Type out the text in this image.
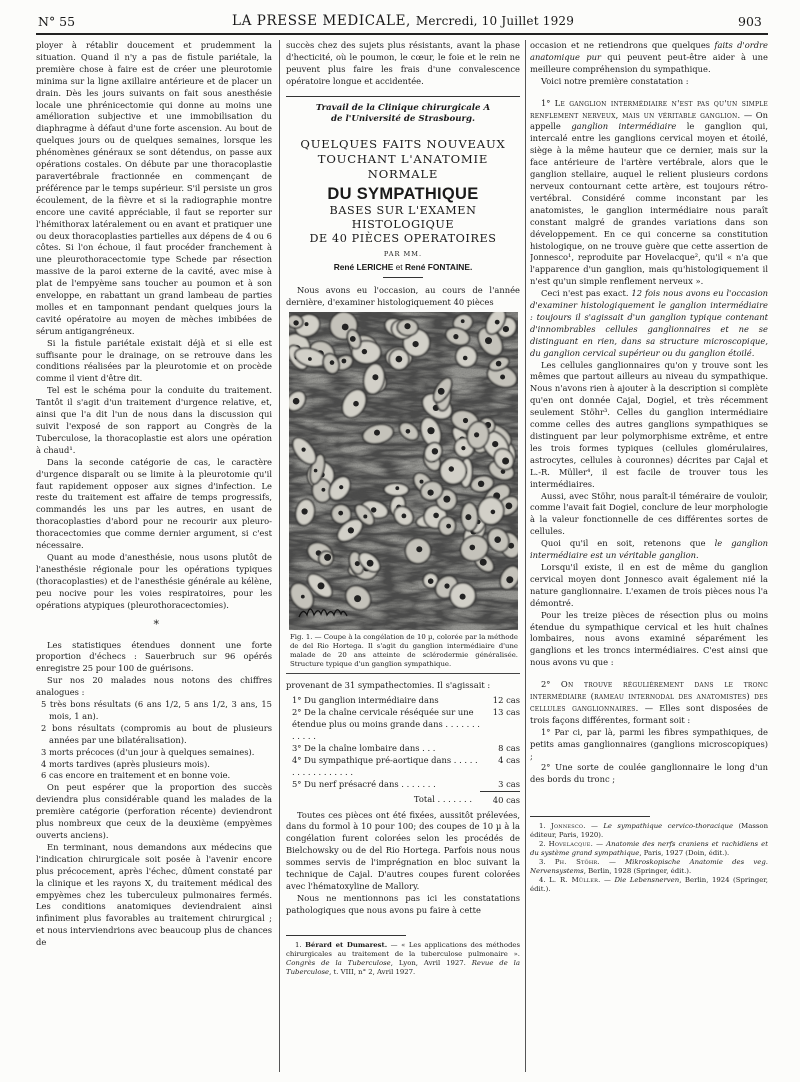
N° 55	LA PRESSE MEDICALE, Mercredi, 10 Juillet 1929	903

ployer à rétablir doucement et prudemment la situation. Quand il n'y a pas de fistule pariétale, la première chose à faire est de créer une pleurotomie minima sur la ligne axillaire antérieure et de placer un drain. Dès les jours suivants on fait sous anesthésie locale une phrénicectomie qui donne au moins une amélioration subjective et une immobilisation du diaphragme à défaut d'une forte ascension. Au bout de quelques jours ou de quelques semaines, lorsque les phénomènes généraux se sont détendus, on passe aux opérations costales. On débute par une thoracoplastie paravertébrale fractionnée en commençant de préférence par le temps supérieur. S'il persiste un gros écoulement, de la fièvre et si la radiographie montre encore une cavité appréciable, il faut se reporter sur l'hémithorax latéralement ou en avant et pratiquer une ou deux thoracoplasties partielles aux dépens de 4 ou 6 côtes. Si l'on échoue, il faut procéder franchement à une pleurothoracectomie type Schede par résection massive de la paroi externe de la cavité, avec mise à plat de l'empyème sans toucher au poumon et à son enveloppe, en rabattant un grand lambeau de parties molles et en tamponnant pendant quelques jours la cavité opératoire au moyen de mèches imbibées de sérum antigangréneux.

Si la fistule pariétale existait déjà et si elle est suffisante pour le drainage, on se retrouve dans les conditions réalisées par la pleurotomie et on procède comme il vient d'être dit.

Tel est le schéma pour la conduite du traitement. Tantôt il s'agit d'un traitement d'urgence relative, et, ainsi que l'a dit l'un de nous dans la discussion qui suivit l'exposé de son rapport au Congrès de la Tuberculose, la thoracoplastie est alors une opération à chaud¹.

Dans la seconde catégorie de cas, le caractère d'urgence disparaît ou se limite à la pleurotomie qu'il faut rapidement opposer aux signes d'infection. Le reste du traitement est affaire de temps progressifs, commandés les uns par les autres, en usant de thoracoplasties d'abord pour ne recourir aux pleuro-thoracectomies que comme dernier argument, si c'est nécessaire.

Quant au mode d'anesthésie, nous usons plutôt de l'anesthésie régionale pour les opérations typiques (thoracoplasties) et de l'anesthésie générale au kélène, peu nocive pour les voies respiratoires, pour les opérations atypiques (pleurothoracectomies).

  *

Les statistiques étendues donnent une forte proportion d'échecs : Sauerbruch sur 96 opérés enregistre 25 pour 100 de guérisons.

Sur nos 20 malades nous notons des chiffres analogues :

5 très bons résultats (6 ans 1/2, 5 ans 1/2, 3 ans, 15 mois, 1 an).

2 bons résultats (compromis au bout de plusieurs années par une bilatéralisation).

3 morts précoces (d'un jour à quelques semaines).

4 morts tardives (après plusieurs mois).

6 cas encore en traitement et en bonne voie.

On peut espérer que la proportion des succès deviendra plus considérable quand les malades de la première catégorie (perforation récente) deviendront plus nombreux que ceux de la deuxième (empyèmes ouverts anciens).

En terminant, nous demandons aux médecins que l'indication chirurgicale soit posée à l'avenir encore plus précocement, après l'échec, dûment constaté par la clinique et les rayons X, du traitement médical des empyèmes chez les tuberculeux pulmonaires fermés. Les conditions anatomiques deviendraient ainsi infiniment plus favorables au traitement chirurgical ; et nous interviendrions avec beaucoup plus de chances de

succès chez des sujets plus résistants, avant la phase d'hecticité, où le poumon, le cœur, le foie et le rein ne peuvent plus faire les frais d'une convalescence opératoire longue et accidentée.

Travail de la Clinique chirurgicale A
de l'Université de Strasbourg.
QUELQUES FAITS NOUVEAUX
TOUCHANT L'ANATOMIE NORMALE
DU SYMPATHIQUE
BASES SUR L'EXAMEN HISTOLOGIQUE
DE 40 PIÈCES OPERATOIRES
PAR MM.
René LERICHE et René FONTAINE.

Nous avons eu l'occasion, au cours de l'année dernière, d'examiner histologiquement 40 pièces

Fig. 1. — Coupe à la congélation de 10 µ, colorée par la méthode de del Rio Hortega. Il s'agit du ganglion intermédiaire d'une malade de 20 ans atteinte de sclérodermie généralisée. Structure typique d'un ganglion sympathique.

provenant de 31 sympathectomies. Il s'agissait :

1° Du ganglion intermédiaire dans	12 cas
2° De la chaîne cervicale réséquée sur une étendue plus ou moins grande dans . . . . . . . . . . . .	13 cas
3° De la chaîne lombaire dans . . .	8 cas
4° Du sympathique pré-aortique dans . . . . . . . . . . . . . . . . .	4 cas
5° Du nerf présacré dans . . . . . . .	3 cas
Total . . . . . . .	40 cas

Toutes ces pièces ont été fixées, aussitôt prélevées, dans du formol à 10 pour 100; des coupes de 10 µ à la congélation furent colorées selon les procédés de Bielchowsky ou de del Rio Hortega. Parfois nous nous sommes servis de l'imprégnation en bloc suivant la technique de Cajal. D'autres coupes furent colorées avec l'hématoxyline de Mallory.

Nous ne mentionnons pas ici les constatations pathologiques que nous avons pu faire à cette

1. Bérard et Dumarest. — « Les applications des méthodes chirurgicales au traitement de la tuberculose pulmonaire ». Congrès de la Tuberculose, Lyon, Avril 1927. Revue de la Tuberculose, t. VIII, n° 2, Avril 1927.

occasion et ne retiendrons que quelques faits d'ordre anatomique pur qui peuvent peut-être aider à une meilleure compréhension du sympathique.

Voici notre première constatation :

1° Le ganglion intermédiaire n'est pas qu'un simple renflement nerveux, mais un véritable ganglion. — On appelle ganglion intermédiaire le ganglion qui, intercalé entre les ganglions cervical moyen et étoilé, siège à la même hauteur que ce dernier, mais sur la face antérieure de l'artère vertébrale, alors que le ganglion stellaire, auquel le relient plusieurs cordons nerveux contournant cette artère, est toujours rétro-vertébral. Considéré comme inconstant par les anatomistes, le ganglion intermédiaire nous paraît constant malgré de grandes variations dans son développement. En ce qui concerne sa constitution histologique, on ne trouve guère que cette assertion de Jonnesco¹, reproduite par Hovelacque², qu'il « n'a que l'apparence d'un ganglion, mais qu'histologiquement il n'est qu'un simple renflement nerveux ».

Ceci n'est pas exact. 12 fois nous avons eu l'occasion d'examiner histologiquement le ganglion intermédiaire : toujours il s'agissait d'un ganglion typique contenant d'innombrables cellules ganglionnaires et ne se distinguant en rien, dans sa structure microscopique, du ganglion cervical supérieur ou du ganglion étoilé.

Les cellules ganglionnaires qu'on y trouve sont les mêmes que partout ailleurs au niveau du sympathique. Nous n'avons rien à ajouter à la description si complète qu'en ont donnée Cajal, Dogiel, et très récemment seulement Stöhr³. Celles du ganglion intermédiaire comme celles des autres ganglions sympathiques se distinguent par leur polymorphisme extrême, et entre les trois formes typiques (cellules glomérulaires, astrocytes, cellules à couronnes) décrites par Cajal et L.-R. Müller⁴, il est facile de trouver tous les intermédiaires.

Aussi, avec Stöhr, nous paraît-il téméraire de vouloir, comme l'avait fait Dogiel, conclure de leur morphologie à la valeur fonctionnelle de ces différentes sortes de cellules.

Quoi qu'il en soit, retenons que le ganglion intermédiaire est un véritable ganglion.

Lorsqu'il existe, il en est de même du ganglion cervical moyen dont Jonnesco avait également nié la nature ganglionnaire. L'examen de trois pièces nous l'a démontré.

Pour les treize pièces de résection plus ou moins étendue du sympathique cervical et les huit chaînes lombaires, nous avons examiné séparément les ganglions et les troncs intermédiaires. C'est ainsi que nous avons vu que :

2° On trouve régulièrement dans le tronc intermédiaire (rameau internodal des anatomistes) des cellules ganglionnaires. — Elles sont disposées de trois façons différentes, formant soit :

1° Par ci, par là, parmi les fibres sympathiques, de petits amas ganglionnaires (ganglions microscopiques) ;

2° Une sorte de coulée ganglionnaire le long d'un des bords du tronc ;

1. Jonnesco. — Le sympathique cervico-thoracique (Masson éditeur, Paris, 1920).

2. Hovelacque. — Anatomie des nerfs craniens et rachidiens et du système grand sympathique, Paris, 1927 (Doin, édit.).

3. Ph. Stöhr. — Mikroskopische Anatomie des veg. Nervensystems, Berlin, 1928 (Springer, édit.).

4. L. R. Müller. — Die Lebensnerven, Berlin, 1924 (Springer, édit.).
